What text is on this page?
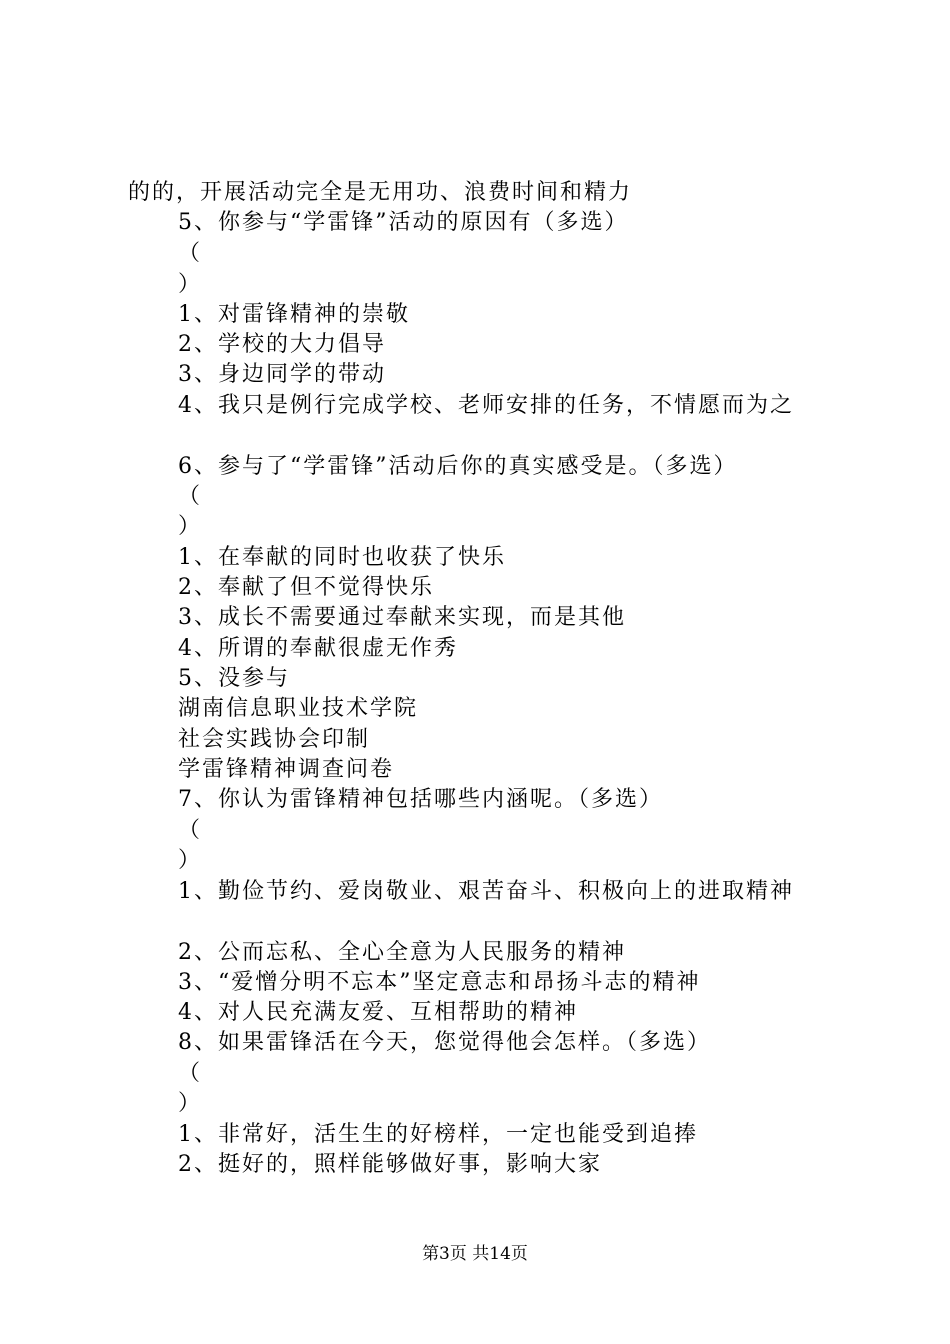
的的，开展活动完全是无用功、浪费时间和精力
5、你参与“学雷锋”活动的原因有（多选）
（
）
1、对雷锋精神的崇敬
2、学校的大力倡导
3、身边同学的带动
4、我只是例行完成学校、老师安排的任务，不情愿而为之
6、参与了“学雷锋”活动后你的真实感受是。（多选）
（
）
1、在奉献的同时也收获了快乐
2、奉献了但不觉得快乐
3、成长不需要通过奉献来实现，而是其他
4、所谓的奉献很虚无作秀
5、没参与
湖南信息职业技术学院
社会实践协会印制
学雷锋精神调查问卷
7、你认为雷锋精神包括哪些内涵呢。（多选）
（
）
1、勤俭节约、爱岗敬业、艰苦奋斗、积极向上的进取精神
2、公而忘私、全心全意为人民服务的精神
3、“爱憎分明不忘本”坚定意志和昂扬斗志的精神
4、对人民充满友爱、互相帮助的精神
8、如果雷锋活在今天，您觉得他会怎样。（多选）
（
）
1、非常好，活生生的好榜样，一定也能受到追捧
2、挺好的，照样能够做好事，影响大家
第3页 共14页
